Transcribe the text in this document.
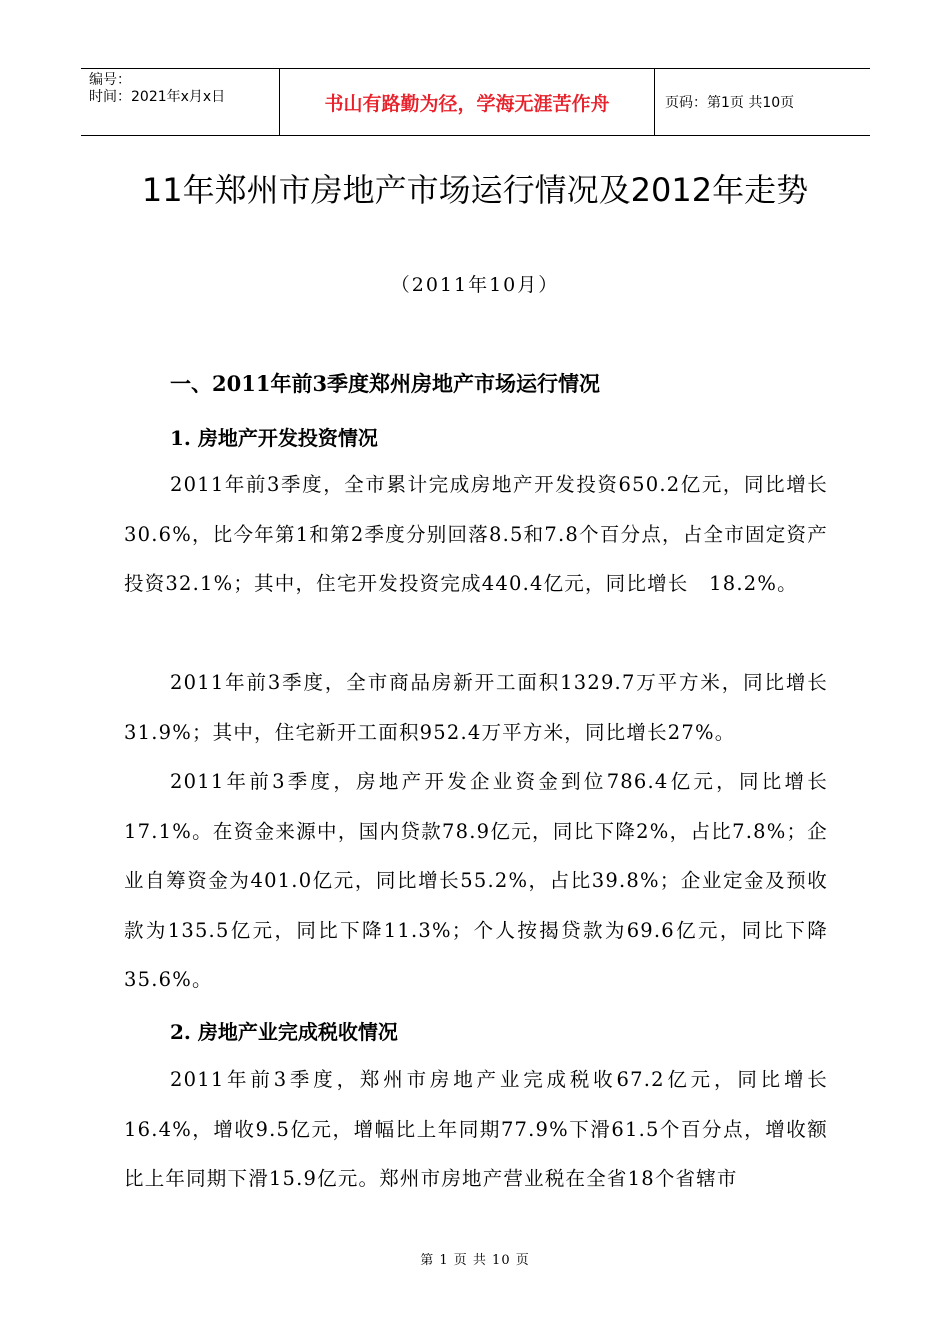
编号：
时间：2021年x月x日	书山有路勤为径，学海无涯苦作舟	页码：第1页 共10页
11年郑州市房地产市场运行情况及2012年走势
（2011年10月）
一、2011年前3季度郑州房地产市场运行情况
1. 房地产开发投资情况
2011年前3季度，全市累计完成房地产开发投资650.2亿元，同比增长30.6%，比今年第1和第2季度分别回落8.5和7.8个百分点，占全市固定资产投资32.1%；其中，住宅开发投资完成440.4亿元，同比增长　18.2%。
2011年前3季度，全市商品房新开工面积1329.7万平方米，同比增长31.9%；其中，住宅新开工面积952.4万平方米，同比增长27%。
2011年前3季度，房地产开发企业资金到位786.4亿元，同比增长17.1%。在资金来源中，国内贷款78.9亿元，同比下降2%，占比7.8%；企业自筹资金为401.0亿元，同比增长55.2%，占比39.8%；企业定金及预收款为135.5亿元，同比下降11.3%；个人按揭贷款为69.6亿元，同比下降35.6%。
2. 房地产业完成税收情况
2011年前3季度，郑州市房地产业完成税收67.2亿元，同比增长16.4%，增收9.5亿元，增幅比上年同期77.9%下滑61.5个百分点，增收额比上年同期下滑15.9亿元。郑州市房地产营业税在全省18个省辖市
第 1 页 共 10 页
